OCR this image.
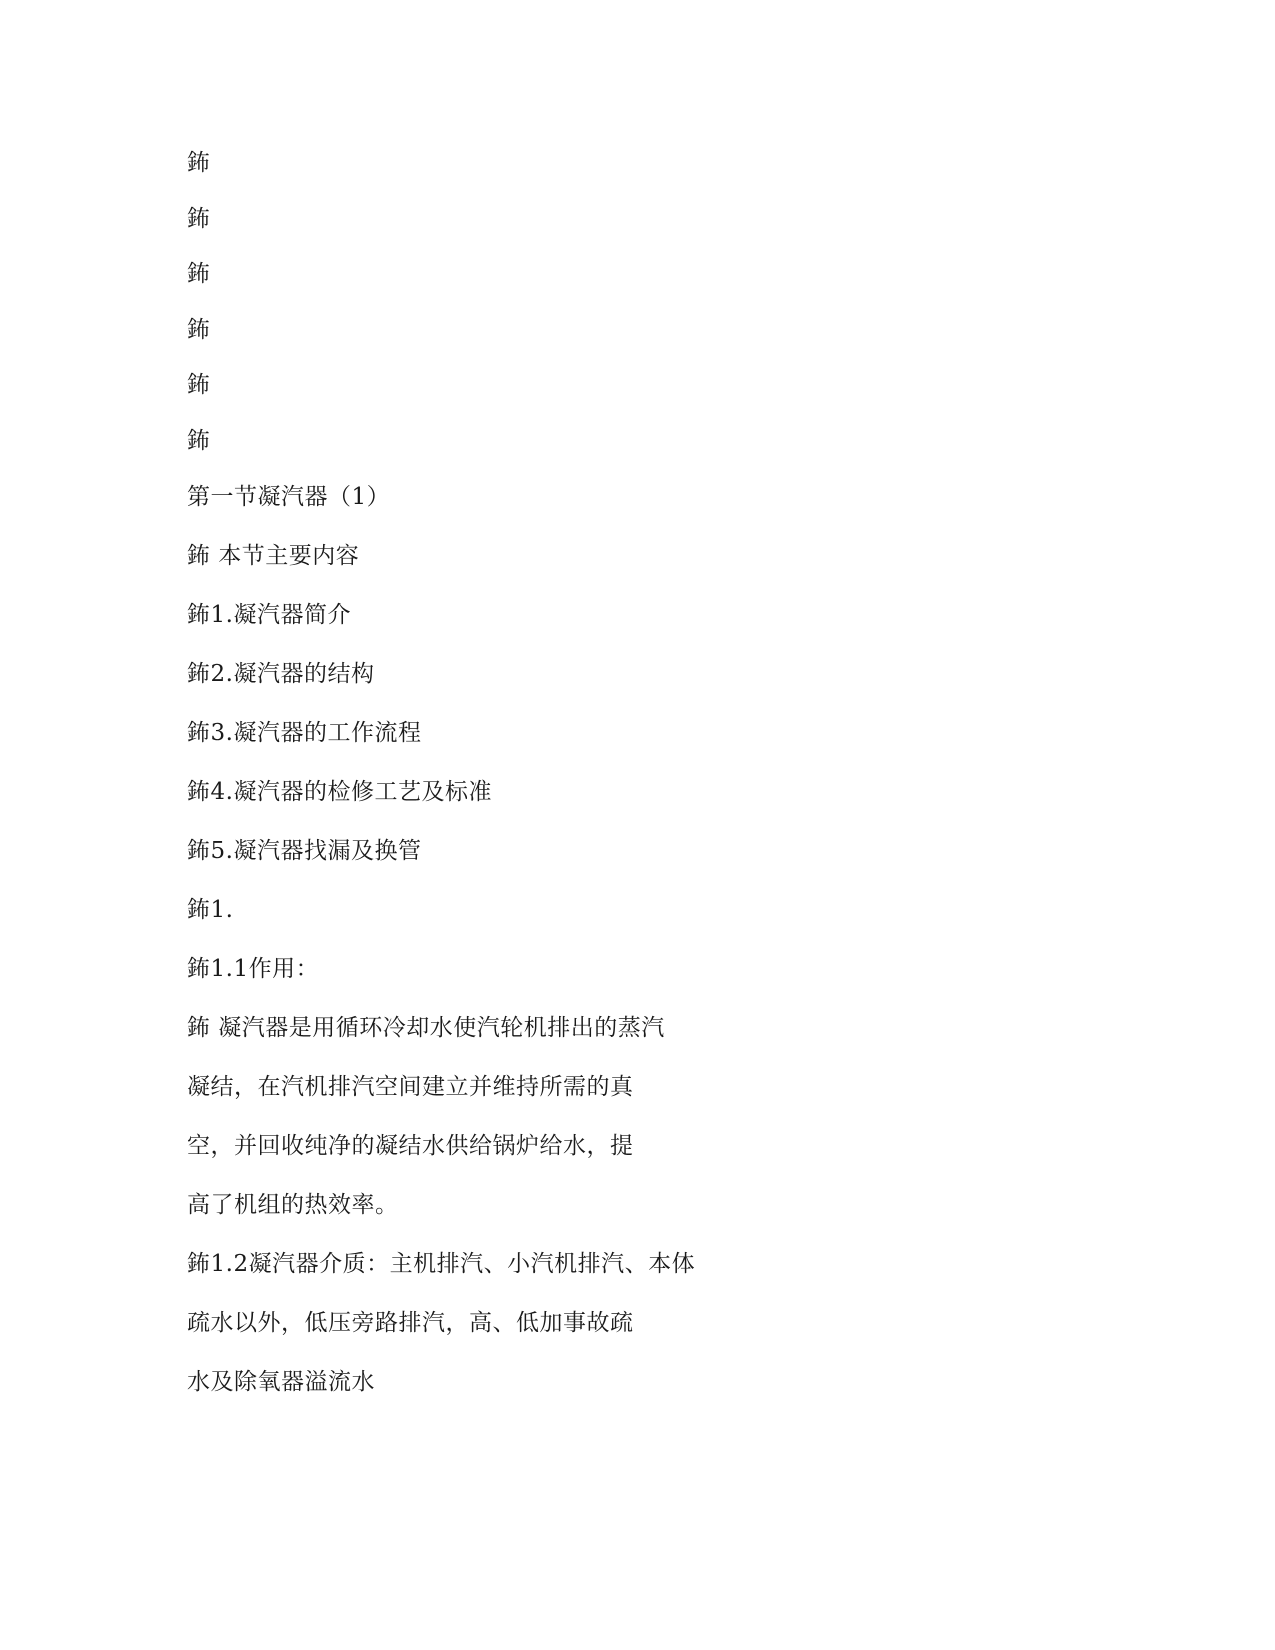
鈽
鈽
鈽
鈽
鈽
鈽
第一节凝汽器（1）
鈽 本节主要内容
鈽1.凝汽器简介
鈽2.凝汽器的结构
鈽3.凝汽器的工作流程
鈽4.凝汽器的检修工艺及标准
鈽5.凝汽器找漏及换管
鈽1.
鈽1.1作用：
鈽 凝汽器是用循环冷却水使汽轮机排出的蒸汽
凝结，在汽机排汽空间建立并维持所需的真
空，并回收纯净的凝结水供给锅炉给水，提
高了机组的热效率。
鈽1.2凝汽器介质：主机排汽、小汽机排汽、本体
疏水以外，低压旁路排汽，高、低加事故疏
水及除氧器溢流水
